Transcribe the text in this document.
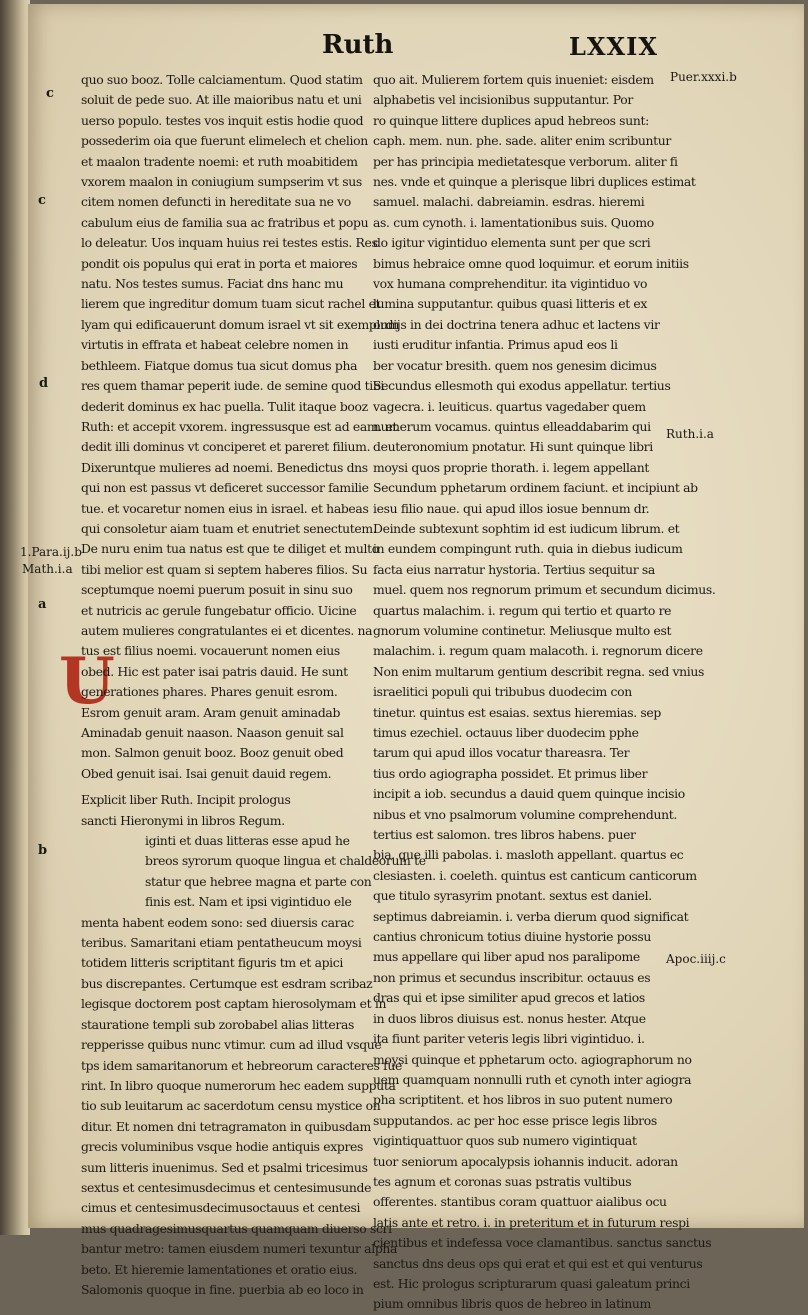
Ruth	LXXIX
c
c
d
a
b
1.Para.ij.b
Math.i.a
Puer.xxxi.b
Ruth.i.a
Apoc.iiij.c
U
quo suo booz. Tolle calciamentum. Quod statim
soluit de pede suo. At ille maioribus natu et uni
uerso populo. testes vos inquit estis hodie quod
possederim oia que fuerunt elimelech et chelion
et maalon tradente noemi: et ruth moabitidem
vxorem maalon in coniugium sumpserim vt sus
citem nomen defuncti in hereditate sua ne vo
cabulum eius de familia sua ac fratribus et popu
lo deleatur. Uos inquam huius rei testes estis. Res
pondit ois populus qui erat in porta et maiores
natu. Nos testes sumus. Faciat dns hanc mu
lierem que ingreditur domum tuam sicut rachel et
lyam qui edificauerunt domum israel vt sit exemplum
virtutis in effrata et habeat celebre nomen in
bethleem. Fiatque domus tua sicut domus pha
res quem thamar peperit iude. de semine quod tibi
dederit dominus ex hac puella. Tulit itaque booz
Ruth: et accepit vxorem. ingressusque est ad eam. et
dedit illi dominus vt conciperet et pareret filium.
Dixeruntque mulieres ad noemi. Benedictus dns
qui non est passus vt deficeret successor familie
tue. et vocaretur nomen eius in israel. et habeas
qui consoletur aiam tuam et enutriet senectutem.
De nuru enim tua natus est que te diliget et multo
tibi melior est quam si septem haberes filios. Su
sceptumque noemi puerum posuit in sinu suo
et nutricis ac gerule fungebatur officio. Uicine
autem mulieres congratulantes ei et dicentes. na
tus est filius noemi. vocauerunt nomen eius
obed. Hic est pater isai patris dauid. He sunt
generationes phares. Phares genuit esrom.
Esrom genuit aram. Aram genuit aminadab
Aminadab genuit naason. Naason genuit sal
mon. Salmon genuit booz. Booz genuit obed
Obed genuit isai. Isai genuit dauid regem.
Explicit liber Ruth. Incipit prologus
sancti Hieronymi in libros Regum.
iginti et duas litteras esse apud he
breos syrorum quoque lingua et chaldeorum te
statur que hebree magna et parte con
finis est. Nam et ipsi vigintiduo ele
menta habent eodem sono: sed diuersis carac
teribus. Samaritani etiam pentatheucum moysi
totidem litteris scriptitant figuris tm et apici
bus discrepantes. Certumque est esdram scribaz
legisque doctorem post captam hierosolymam et in
stauratione templi sub zorobabel alias litteras
repperisse quibus nunc vtimur. cum ad illud vsque
tps idem samaritanorum et hebreorum caracteres fue
rint. In libro quoque numerorum hec eadem supputa
tio sub leuitarum ac sacerdotum censu mystice on
ditur. Et nomen dni tetragramaton in quibusdam
grecis voluminibus vsque hodie antiquis expres
sum litteris inuenimus. Sed et psalmi tricesimus
sextus et centesimusdecimus et centesimusunde
cimus et centesimusdecimusoctauus et centesi
mus quadragesimusquartus quamquam diuerso scri
bantur metro: tamen eiusdem numeri texuntur alpha
beto. Et hieremie lamentationes et oratio eius.
Salomonis quoque in fine. puerbia ab eo loco in
quo ait. Mulierem fortem quis inueniet: eisdem
alphabetis vel incisionibus supputantur. Por
ro quinque littere duplices apud hebreos sunt:
caph. mem. nun. phe. sade. aliter enim scribuntur
per has principia medietatesque verborum. aliter fi
nes. vnde et quinque a plerisque libri duplices estimat
samuel. malachi. dabreiamin. esdras. hieremi
as. cum cynoth. i. lamentationibus suis. Quomo
do igitur vigintiduo elementa sunt per que scri
bimus hebraice omne quod loquimur. et eorum initiis
vox humana comprehenditur. ita vigintiduo vo
lumina supputantur. quibus quasi litteris et ex
ordijs in dei doctrina tenera adhuc et lactens vir
iusti eruditur infantia. Primus apud eos li
ber vocatur bresith. quem nos genesim dicimus
Secundus ellesmoth qui exodus appellatur. tertius
vagecra. i. leuiticus. quartus vagedaber quem
numerum vocamus. quintus elleaddabarim qui
deuteronomium pnotatur. Hi sunt quinque libri
moysi quos proprie thorath. i. legem appellant
Secundum pphetarum ordinem faciunt. et incipiunt ab
iesu filio naue. qui apud illos iosue bennum dr.
Deinde subtexunt sophtim id est iudicum librum. et
in eundem compingunt ruth. quia in diebus iudicum
facta eius narratur hystoria. Tertius sequitur sa
muel. quem nos regnorum primum et secundum dicimus.
quartus malachim. i. regum qui tertio et quarto re
gnorum volumine continetur. Meliusque multo est
malachim. i. regum quam malacoth. i. regnorum dicere
Non enim multarum gentium describit regna. sed vnius
israelitici populi qui tribubus duodecim con
tinetur. quintus est esaias. sextus hieremias. sep
timus ezechiel. octauus liber duodecim pphe
tarum qui apud illos vocatur thareasra. Ter
tius ordo agiographa possidet. Et primus liber
incipit a iob. secundus a dauid quem quinque incisio
nibus et vno psalmorum volumine comprehendunt.
tertius est salomon. tres libros habens. puer
bia. que illi pabolas. i. masloth appellant. quartus ec
clesiasten. i. coeleth. quintus est canticum canticorum
que titulo syrasyrim pnotant. sextus est daniel.
septimus dabreiamin. i. verba dierum quod significat
cantius chronicum totius diuine hystorie possu
mus appellare qui liber apud nos paralipome
non primus et secundus inscribitur. octauus es
dras qui et ipse similiter apud grecos et latios
in duos libros diuisus est. nonus hester. Atque
ita fiunt pariter veteris legis libri vigintiduo. i.
moysi quinque et pphetarum octo. agiographorum no
uem quamquam nonnulli ruth et cynoth inter agiogra
pha scriptitent. et hos libros in suo putent numero
supputandos. ac per hoc esse prisce legis libros
vigintiquattuor quos sub numero vigintiquat
tuor seniorum apocalypsis iohannis inducit. adoran
tes agnum et coronas suas pstratis vultibus
offerentes. stantibus coram quattuor aialibus ocu
latis ante et retro. i. in preteritum et in futurum respi
cientibus et indefessa voce clamantibus. sanctus sanctus
sanctus dns deus ops qui erat et qui est et qui venturus
est. Hic prologus scripturarum quasi galeatum princi
pium omnibus libris quos de hebreo in latinum
